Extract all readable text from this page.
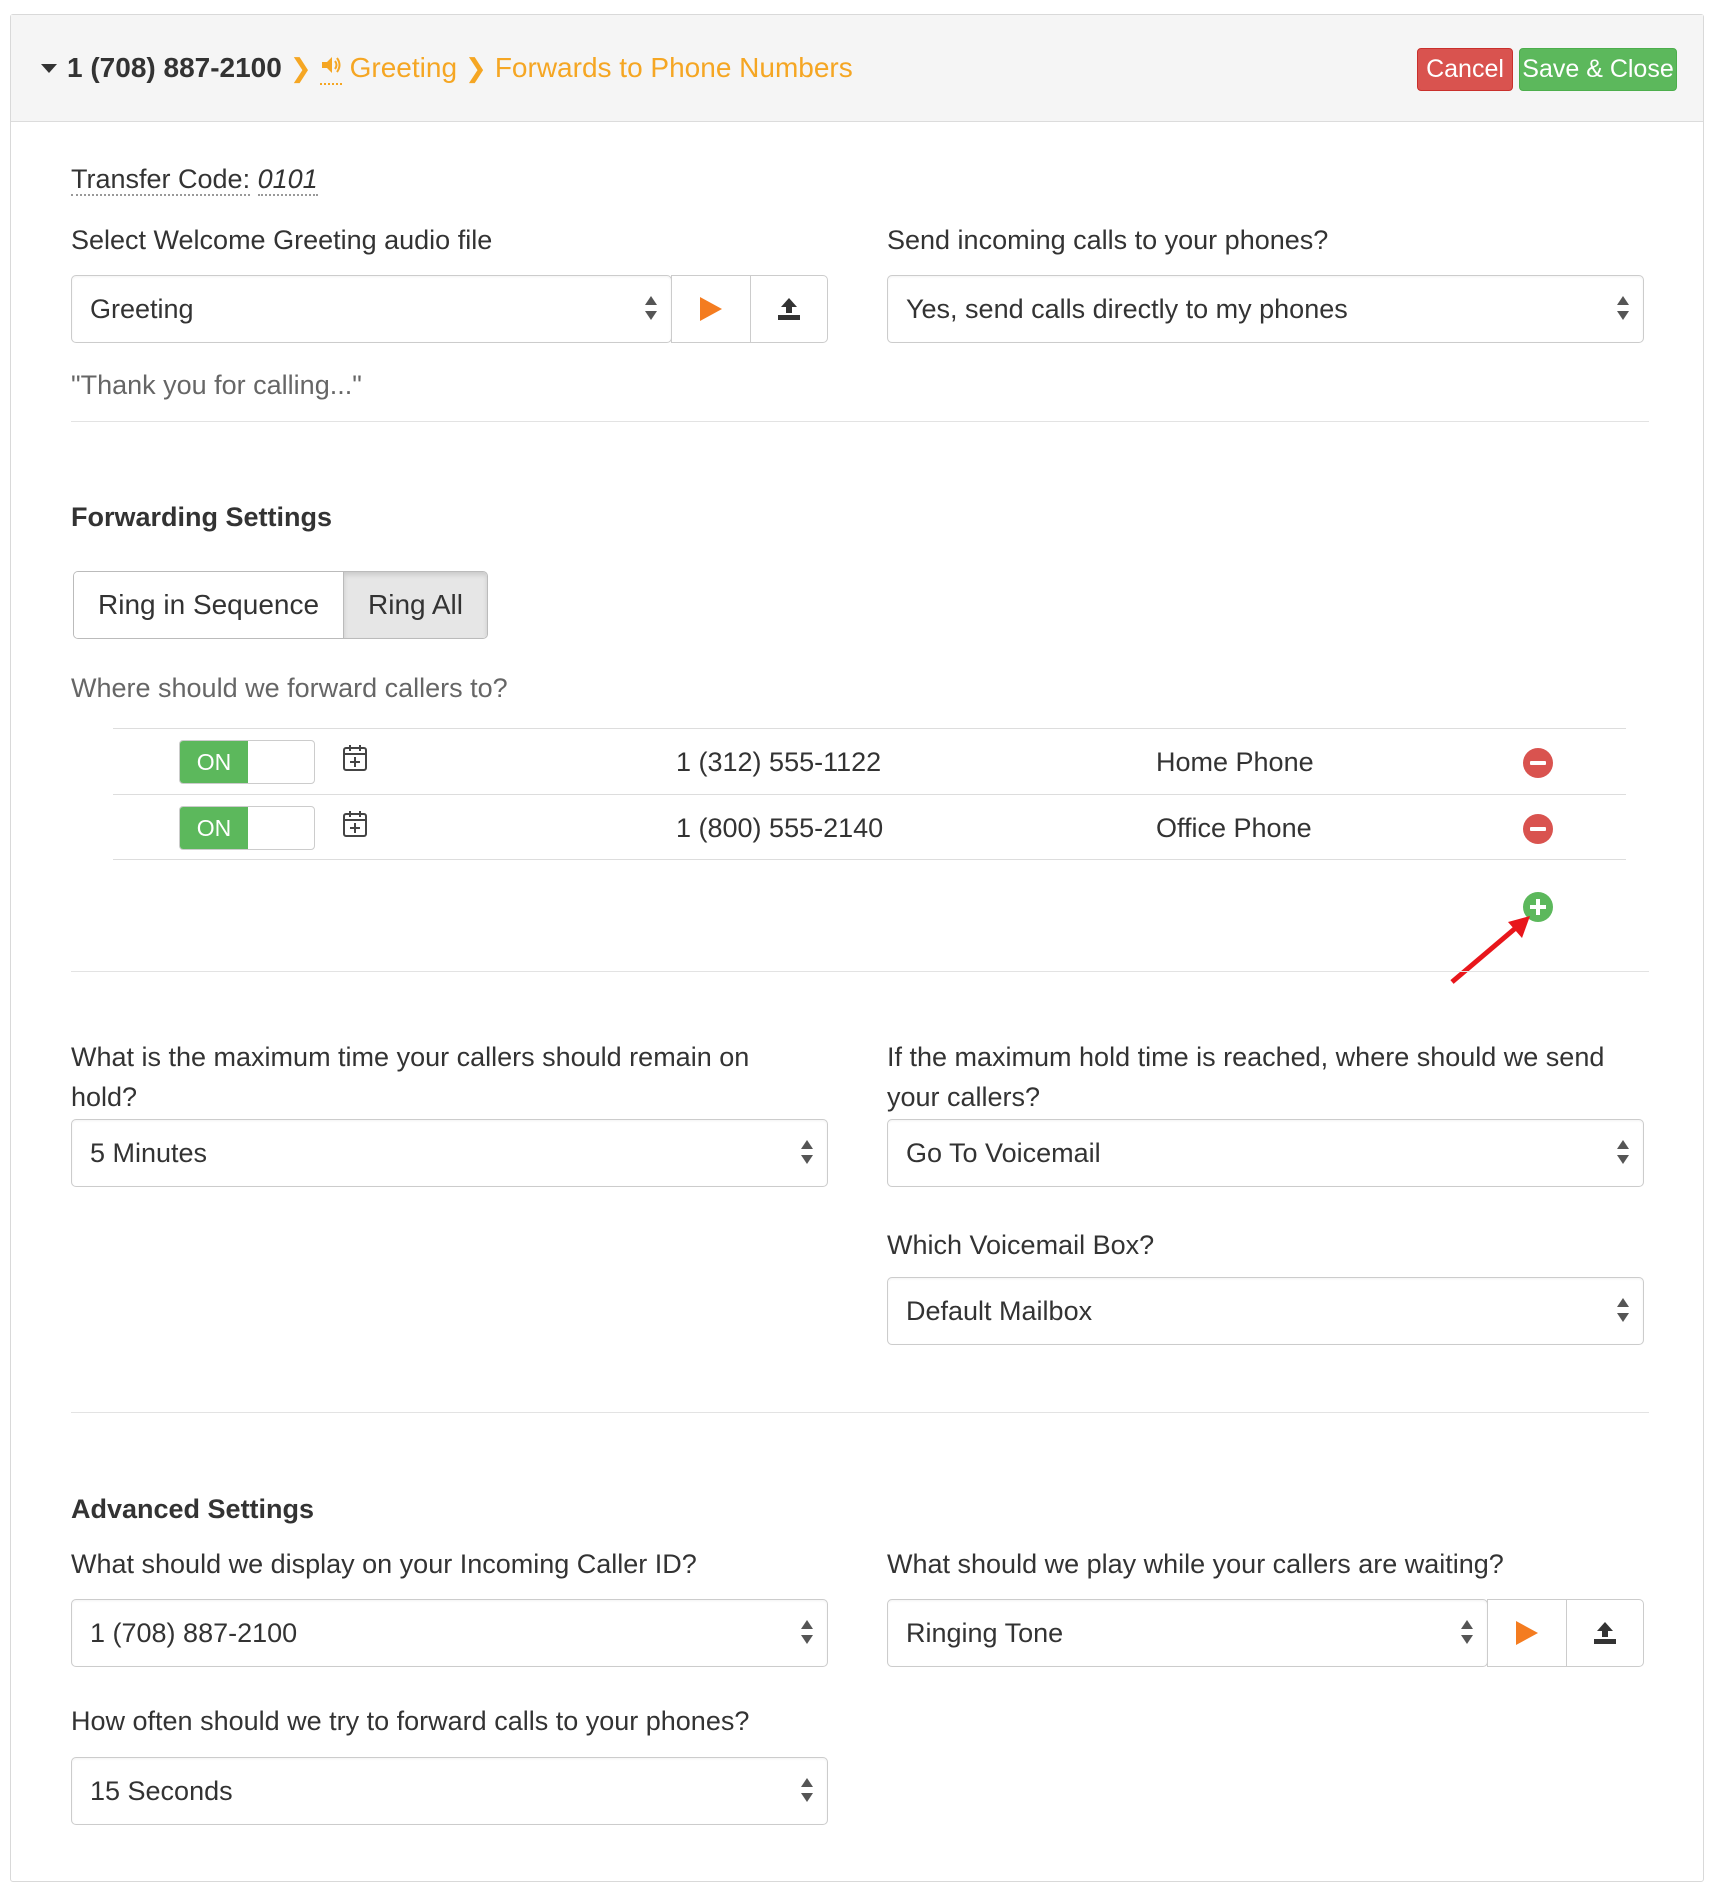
1 (708) 887-2100 ❯ Greeting ❯ Forwards to Phone Numbers	Cancel Save & Close
Transfer Code: 0101
Select Welcome Greeting audio file
Greeting
"Thank you for calling..."
Send incoming calls to your phones?
Yes, send calls directly to my phones
Forwarding Settings
Ring in Sequence	Ring All
Where should we forward callers to?
ON	1 (312) 555-1122	Home Phone
ON	1 (800) 555-2140	Office Phone
What is the maximum time your callers should remain on hold?
5 Minutes
If the maximum hold time is reached, where should we send your callers?
Go To Voicemail
Which Voicemail Box?
Default Mailbox
Advanced Settings
What should we display on your Incoming Caller ID?
1 (708) 887-2100
What should we play while your callers are waiting?
Ringing Tone
How often should we try to forward calls to your phones?
15 Seconds
